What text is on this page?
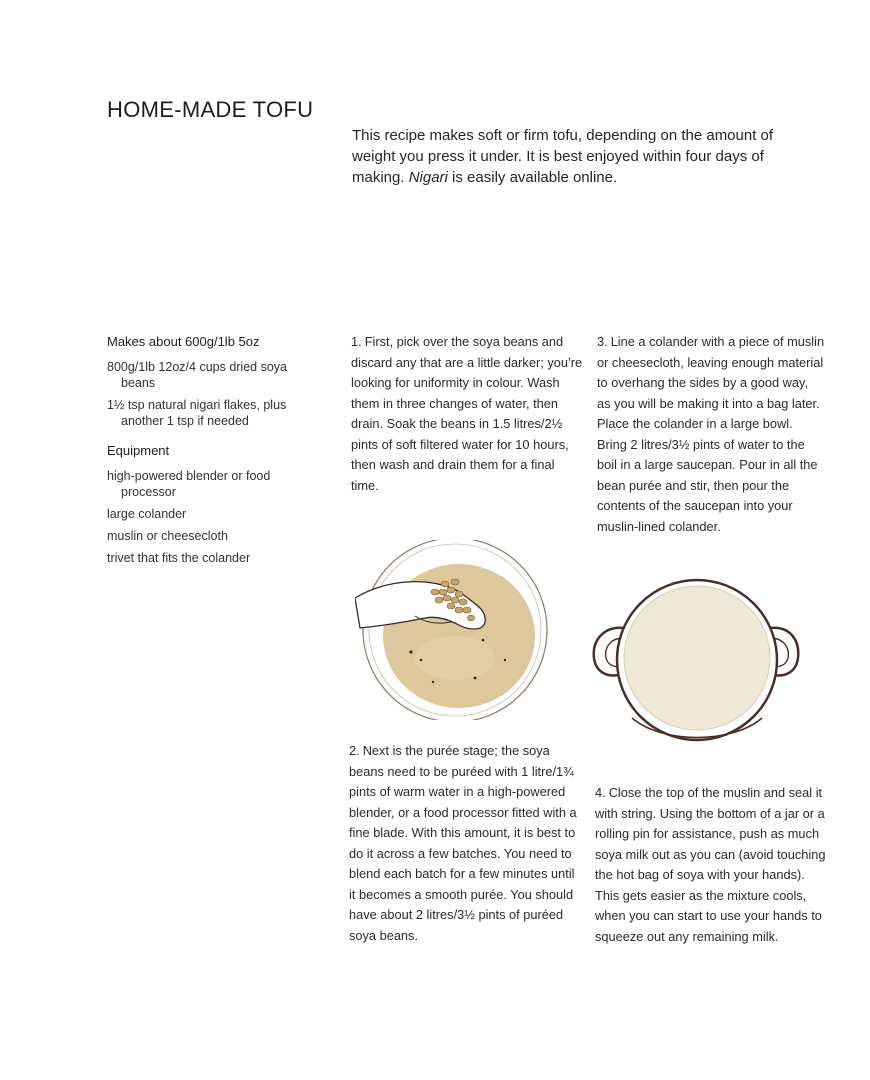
HOME-MADE TOFU
This recipe makes soft or firm tofu, depending on the amount of weight you press it under. It is best enjoyed within four days of making. Nigari is easily available online.
Makes about 600g/1lb 5oz
800g/1lb 12oz/4 cups dried soya beans
1½ tsp natural nigari flakes, plus another 1 tsp if needed
Equipment
high-powered blender or food processor
large colander
muslin or cheesecloth
trivet that fits the colander
1. First, pick over the soya beans and discard any that are a little darker; you’re looking for uniformity in colour. Wash them in three changes of water, then drain. Soak the beans in 1.5 litres/2½ pints of soft filtered water for 10 hours, then wash and drain them for a final time.
2. Next is the purée stage; the soya beans need to be puréed with 1 litre/1¾ pints of warm water in a high-powered blender, or a food processor fitted with a fine blade. With this amount, it is best to do it across a few batches. You need to blend each batch for a few minutes until it becomes a smooth purée. You should have about 2 litres/3½ pints of puréed soya beans.
3. Line a colander with a piece of muslin or cheesecloth, leaving enough material to overhang the sides by a good way, as you will be making it into a bag later. Place the colander in a large bowl. Bring 2 litres/3½ pints of water to the boil in a large saucepan. Pour in all the bean purée and stir, then pour the contents of the saucepan into your muslin-lined colander.
4. Close the top of the muslin and seal it with string. Using the bottom of a jar or a rolling pin for assistance, push as much soya milk out as you can (avoid touching the hot bag of soya with your hands). This gets easier as the mixture cools, when you can start to use your hands to squeeze out any remaining milk.
